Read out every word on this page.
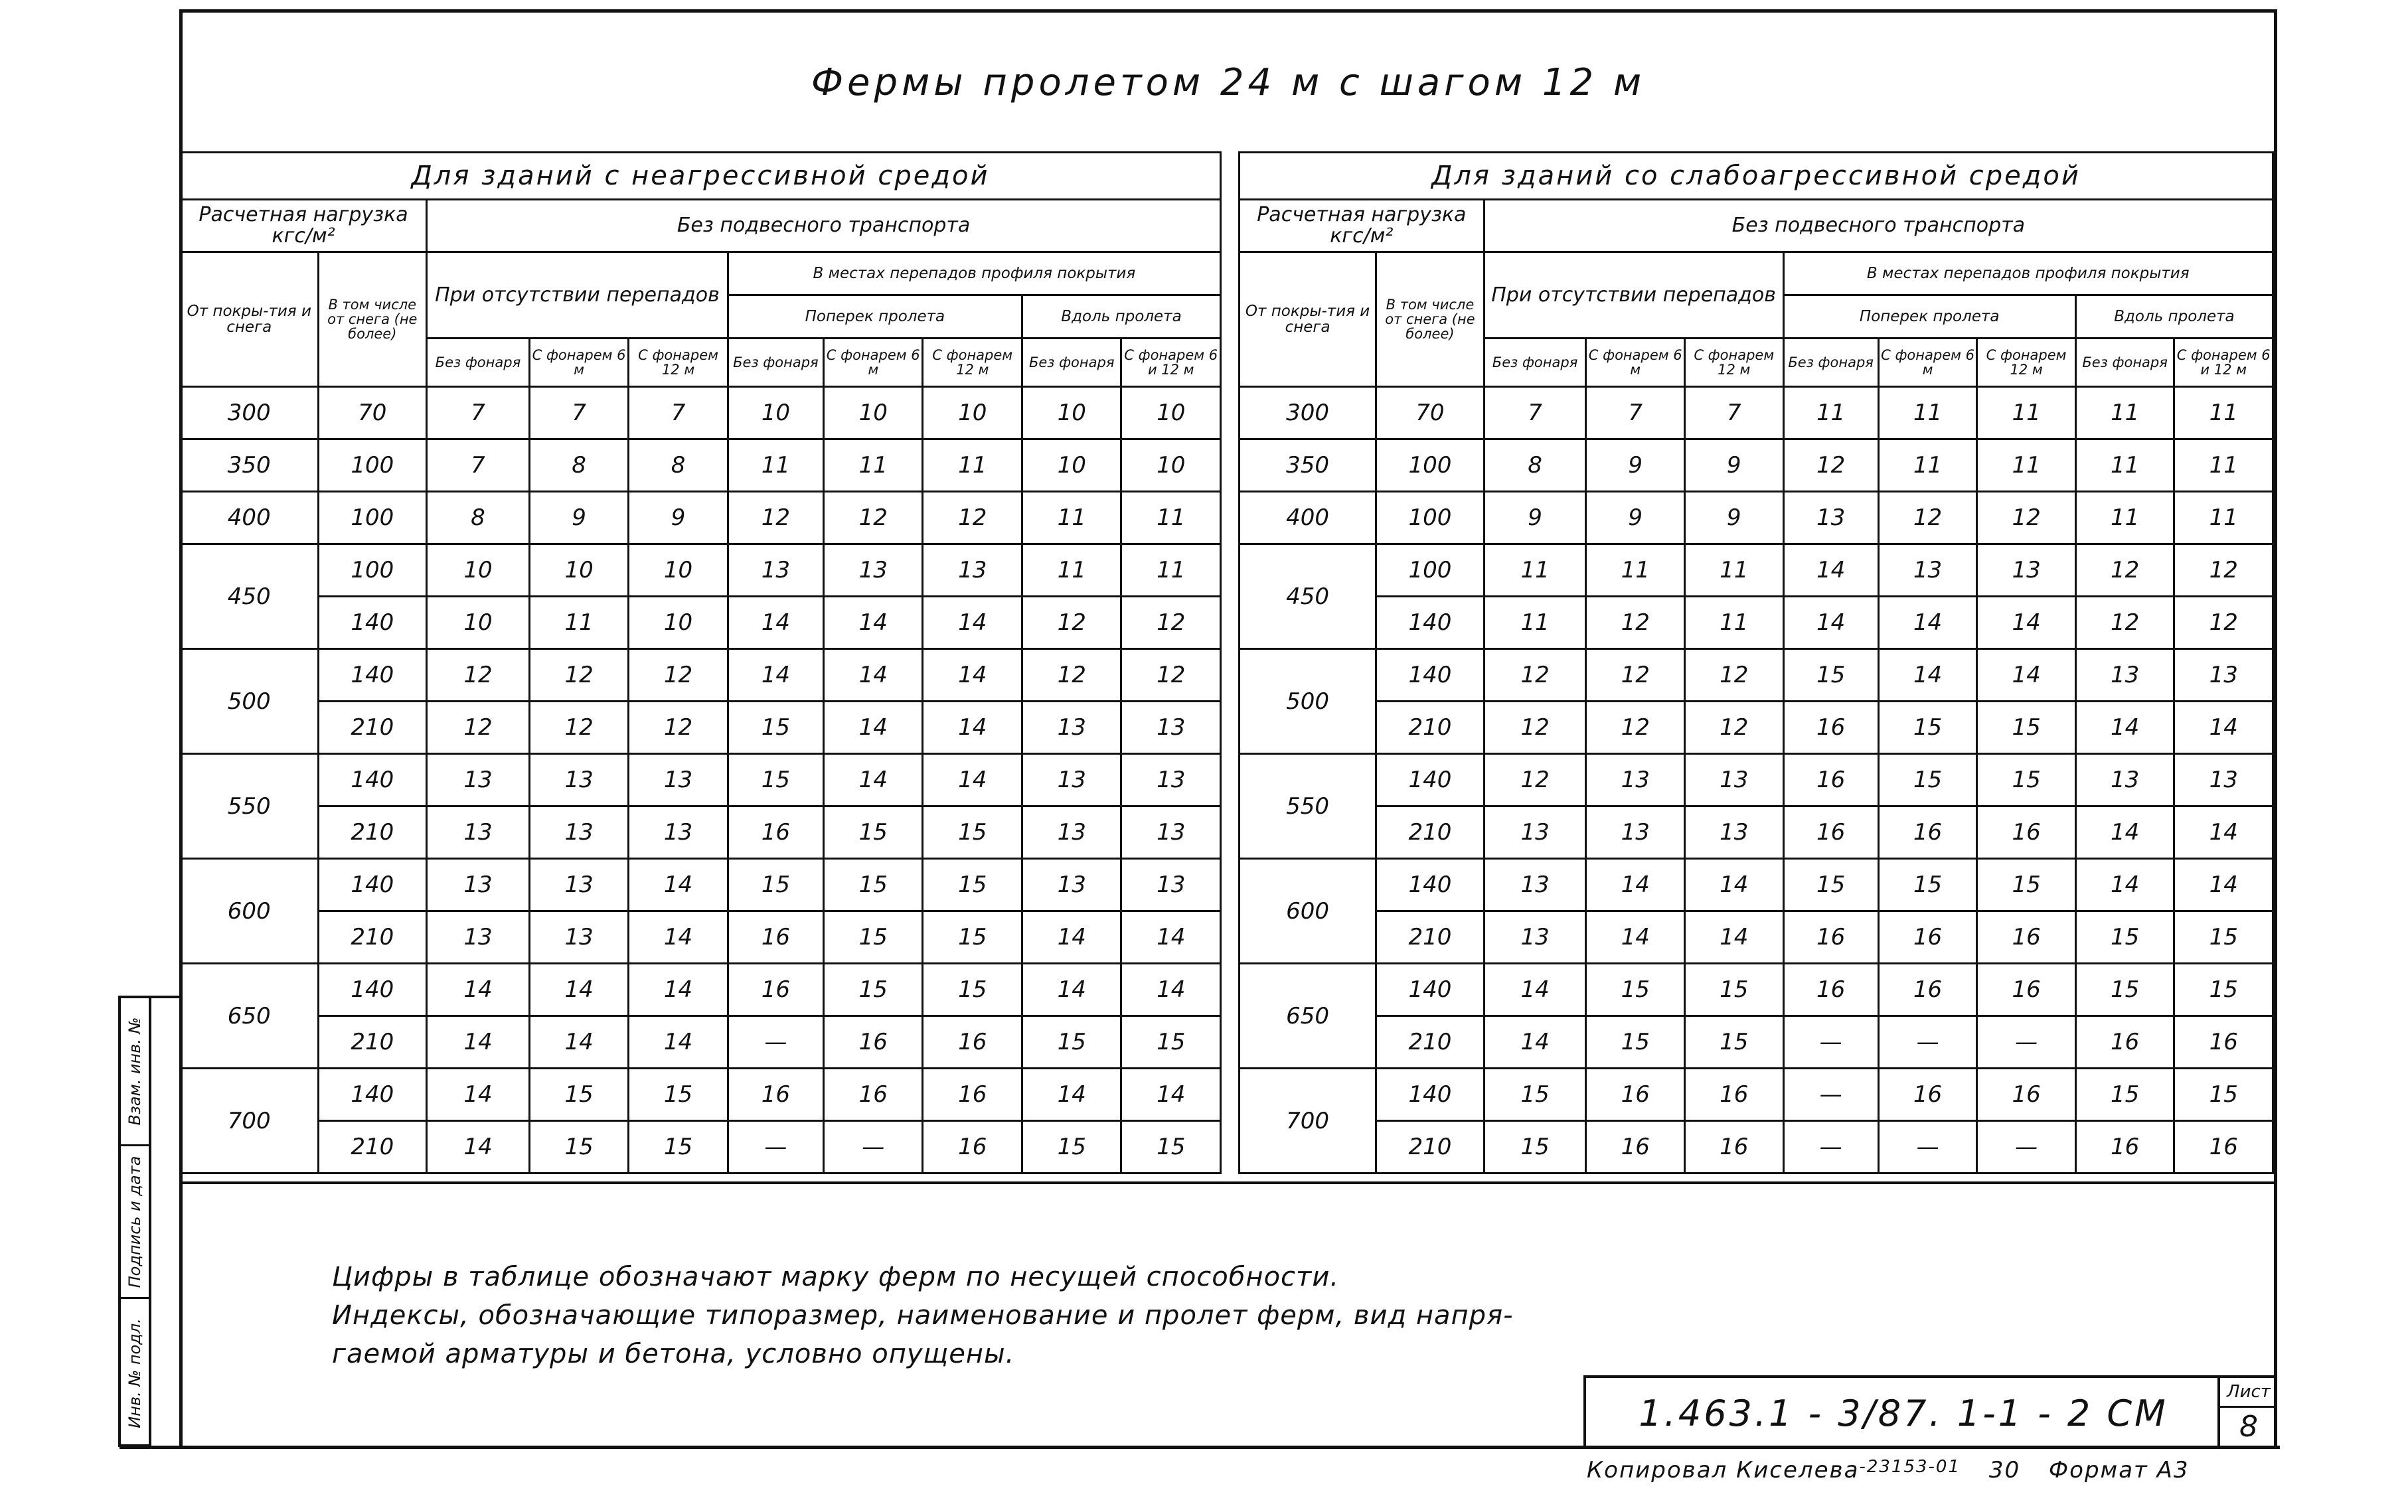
Фермы пролетом 24 м с шагом 12 м
Для зданий с неагрессивной средой									
Расчетная нагрузка кгс/м²		Без подвесного транспорта							
От покры-тия и снега	В том числе от снега (не более)	При отсутствии перепадов			В местах перепадов профиля покрытия				
					Поперек пролета			Вдоль пролета	
		Без фонаря	С фонарем 6 м	С фонарем 12 м	Без фонаря	С фонарем 6 м	С фонарем 12 м	Без фонаря	С фонарем 6 и 12 м
300	70	7	7	7	10	10	10	10	10
350	100	7	8	8	11	11	11	10	10
400	100	8	9	9	12	12	12	11	11
450	100	10	10	10	13	13	13	11	11
	140	10	11	10	14	14	14	12	12
500	140	12	12	12	14	14	14	12	12
	210	12	12	12	15	14	14	13	13
550	140	13	13	13	15	14	14	13	13
	210	13	13	13	16	15	15	13	13
600	140	13	13	14	15	15	15	13	13
	210	13	13	14	16	15	15	14	14
650	140	14	14	14	16	15	15	14	14
	210	14	14	14	—	16	16	15	15
700	140	14	15	15	16	16	16	14	14
	210	14	15	15	—	—	16	15	15
Для зданий со слабоагрессивной средой									
Расчетная нагрузка кгс/м²		Без подвесного транспорта							
От покры-тия и снега	В том числе от снега (не более)	При отсутствии перепадов			В местах перепадов профиля покрытия				
					Поперек пролета			Вдоль пролета	
		Без фонаря	С фонарем 6 м	С фонарем 12 м	Без фонаря	С фонарем 6 м	С фонарем 12 м	Без фонаря	С фонарем 6 и 12 м
300	70	7	7	7	11	11	11	11	11
350	100	8	9	9	12	11	11	11	11
400	100	9	9	9	13	12	12	11	11
450	100	11	11	11	14	13	13	12	12
	140	11	12	11	14	14	14	12	12
500	140	12	12	12	15	14	14	13	13
	210	12	12	12	16	15	15	14	14
550	140	12	13	13	16	15	15	13	13
	210	13	13	13	16	16	16	14	14
600	140	13	14	14	15	15	15	14	14
	210	13	14	14	16	16	16	15	15
650	140	14	15	15	16	16	16	15	15
	210	14	15	15	—	—	—	16	16
700	140	15	16	16	—	16	16	15	15
	210	15	16	16	—	—	—	16	16
Цифры в таблице обозначают марку ферм по несущей способности.
Индексы, обозначающие типоразмер, наименование и пролет ферм, вид напря-
гаемой арматуры и бетона, условно опущены.
1.463.1 - 3/87. 1-1 - 2 СМ
Лист
8
Взам. инв. №
Подпись и дата
Инв. № подл.
Копировал Киселева$^{-23153-01}$ 30 Формат А3
